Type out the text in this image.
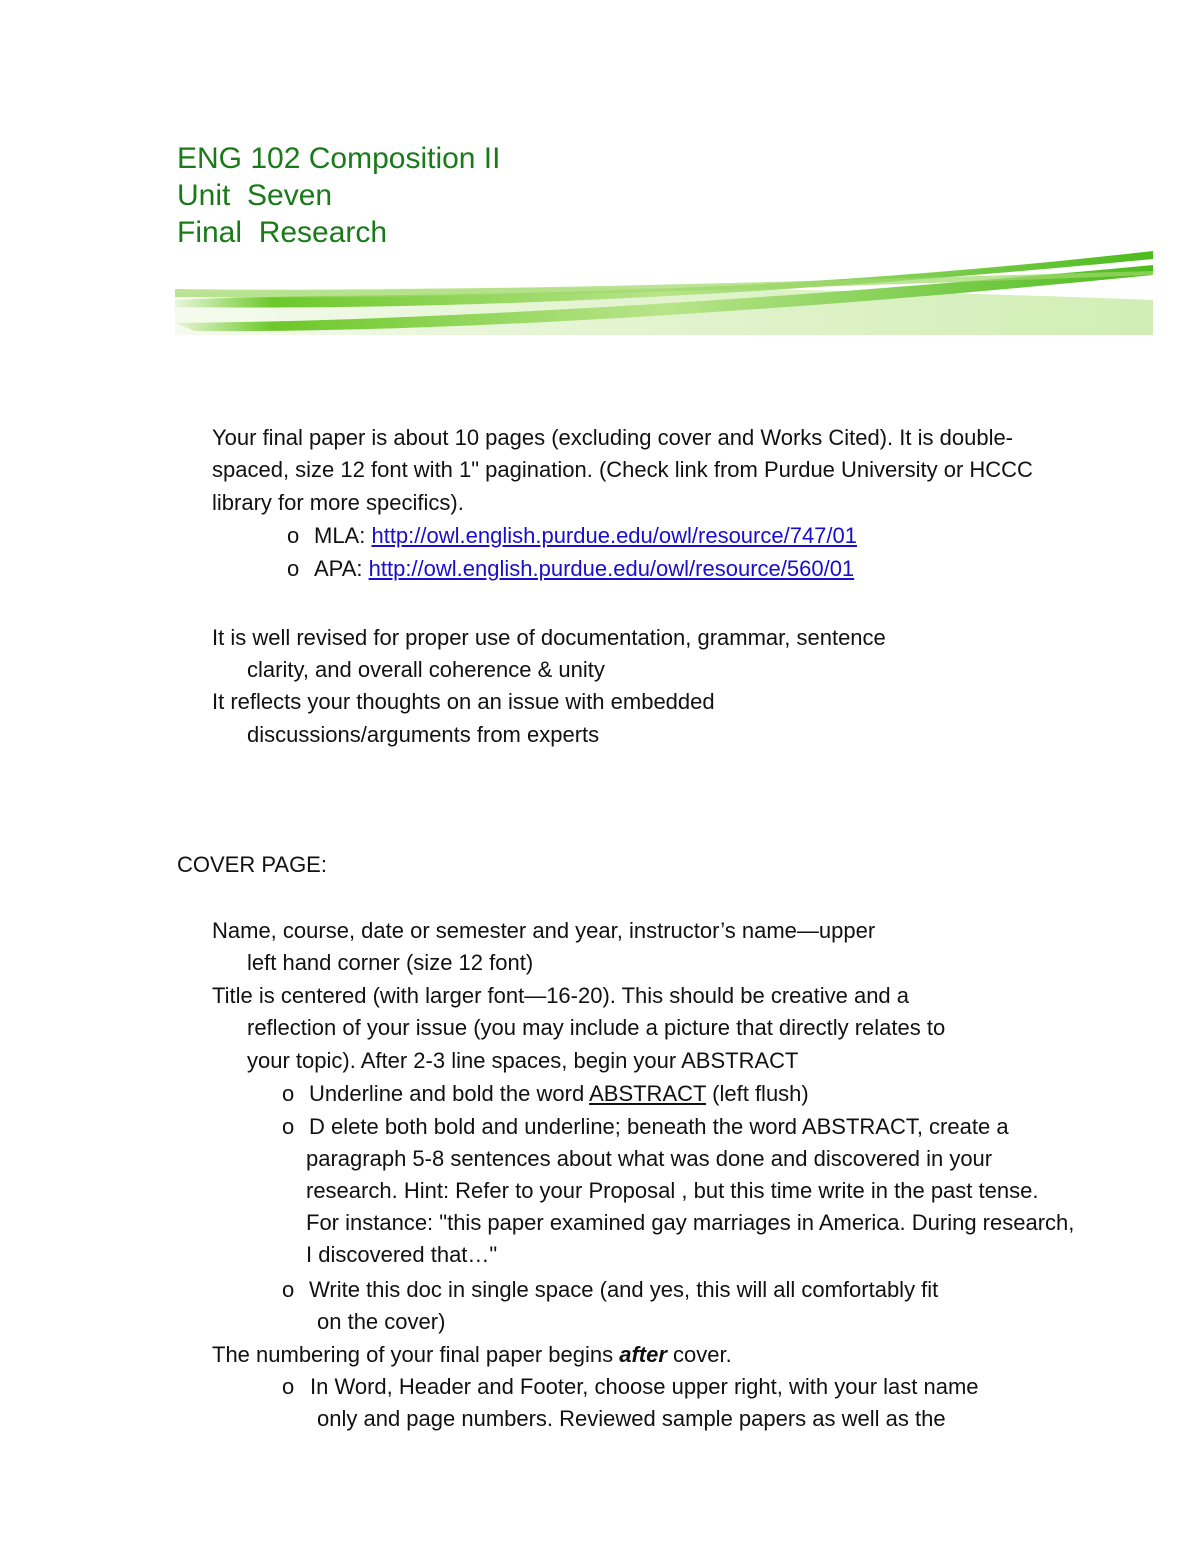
ENG 102 Composition II
Unit  Seven
Final  Research
Your final paper is about 10 pages (excluding cover and Works Cited). It is double-
spaced, size 12 font with 1" pagination. (Check link from Purdue University or HCCC
library for more specifics).
o MLA: http://owl.english.purdue.edu/owl/resource/747/01
o APA: http://owl.english.purdue.edu/owl/resource/560/01
It is well revised for proper use of documentation, grammar, sentence
clarity, and overall coherence & unity
It reflects your thoughts on an issue with embedded
discussions/arguments from experts
COVER PAGE:
Name, course, date or semester and year, instructor’s name—upper
left hand corner (size 12 font)
Title is centered (with larger font—16-20). This should be creative and a
reflection of your issue (you may include a picture that directly relates to
your topic). After 2-3 line spaces, begin your ABSTRACT
o Underline and bold the word ABSTRACT (left flush)
o D elete both bold and underline; beneath the word ABSTRACT, create a
paragraph 5-8 sentences about what was done and discovered in your
research. Hint: Refer to your Proposal , but this time write in the past tense.
For instance: "this paper examined gay marriages in America. During research,
I discovered that…"
o Write this doc in single space (and yes, this will all comfortably fit
on the cover)
The numbering of your final paper begins after cover.
o In Word, Header and Footer, choose upper right, with your last name
only and page numbers. Reviewed sample papers as well as the
